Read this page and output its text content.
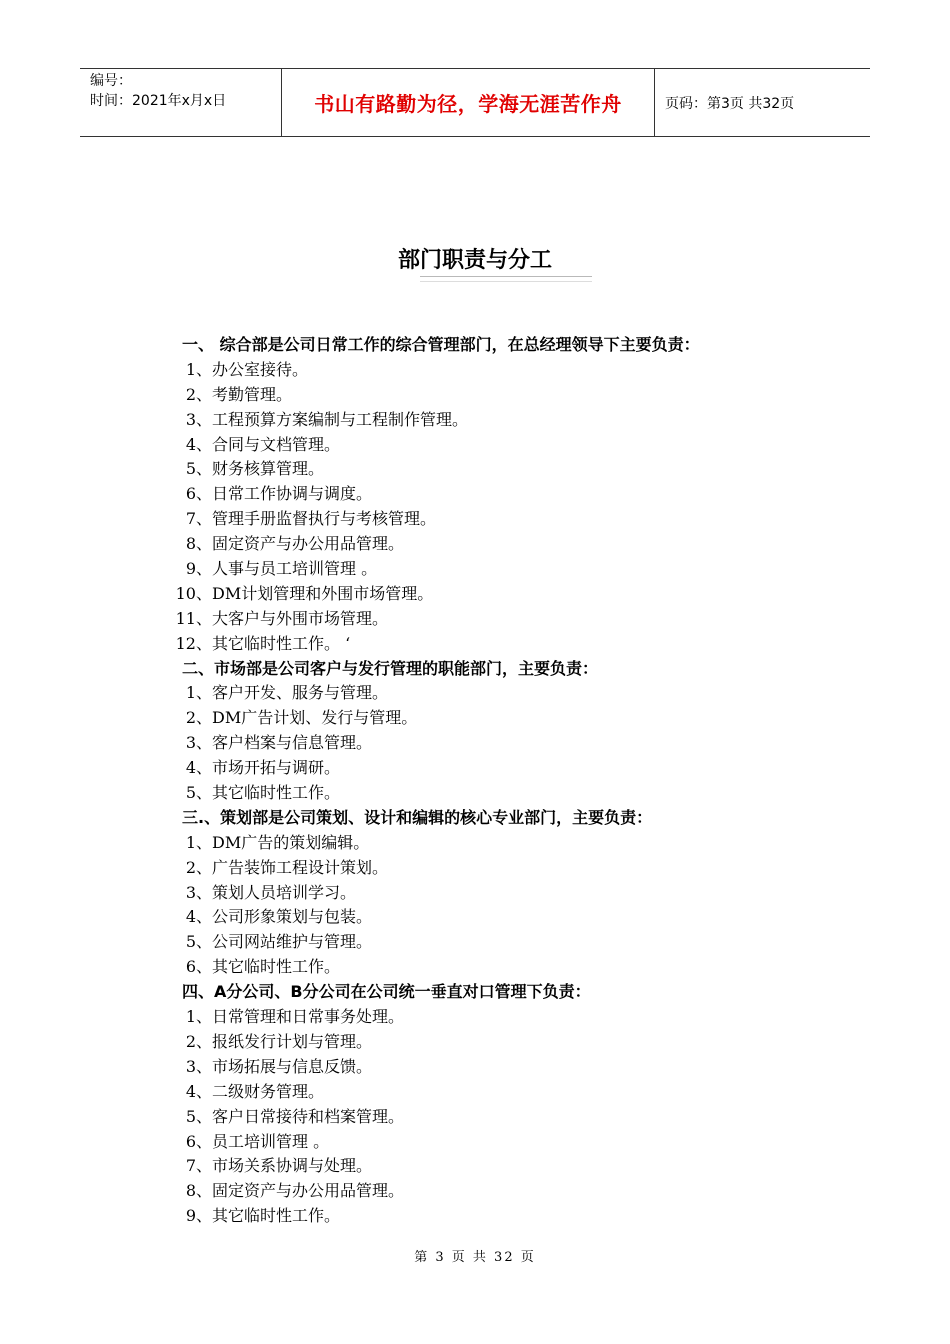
编号：
时间：2021年x月x日	书山有路勤为径，学海无涯苦作舟	页码：第3页 共32页
部门职责与分工
一、 综合部是公司日常工作的综合管理部门，在总经理领导下主要负责：
1、 办公室接待。
2、 考勤管理。
3、 工程预算方案编制与工程制作管理。
4、 合同与文档管理。
5、 财务核算管理。
6、 日常工作协调与调度。
7、 管理手册监督执行与考核管理。
8、 固定资产与办公用品管理。
9、 人事与员工培训管理 。
10、 DM计划管理和外围市场管理。
11、 大客户与外围市场管理。
12、 其它临时性工作。 ‘
二、市场部是公司客户与发行管理的职能部门，主要负责：
1、 客户开发、服务与管理。
2、 DM广告计划、发行与管理。
3、 客户档案与信息管理。
4、 市场开拓与调研。
5、 其它临时性工作。
三.、策划部是公司策划、设计和编辑的核心专业部门，主要负责：
1、 DM广告的策划编辑。
2、 广告装饰工程设计策划。
3、 策划人员培训学习。
4、 公司形象策划与包装。
5、 公司网站维护与管理。
6、 其它临时性工作。
四、A分公司、B分公司在公司统一垂直对口管理下负责：
1、 日常管理和日常事务处理。
2、 报纸发行计划与管理。
3、 市场拓展与信息反馈。
4、 二级财务管理。
5、 客户日常接待和档案管理。
6、 员工培训管理 。
7、 市场关系协调与处理。
8、 固定资产与办公用品管理。
9、 其它临时性工作。
第 3 页 共 32 页
